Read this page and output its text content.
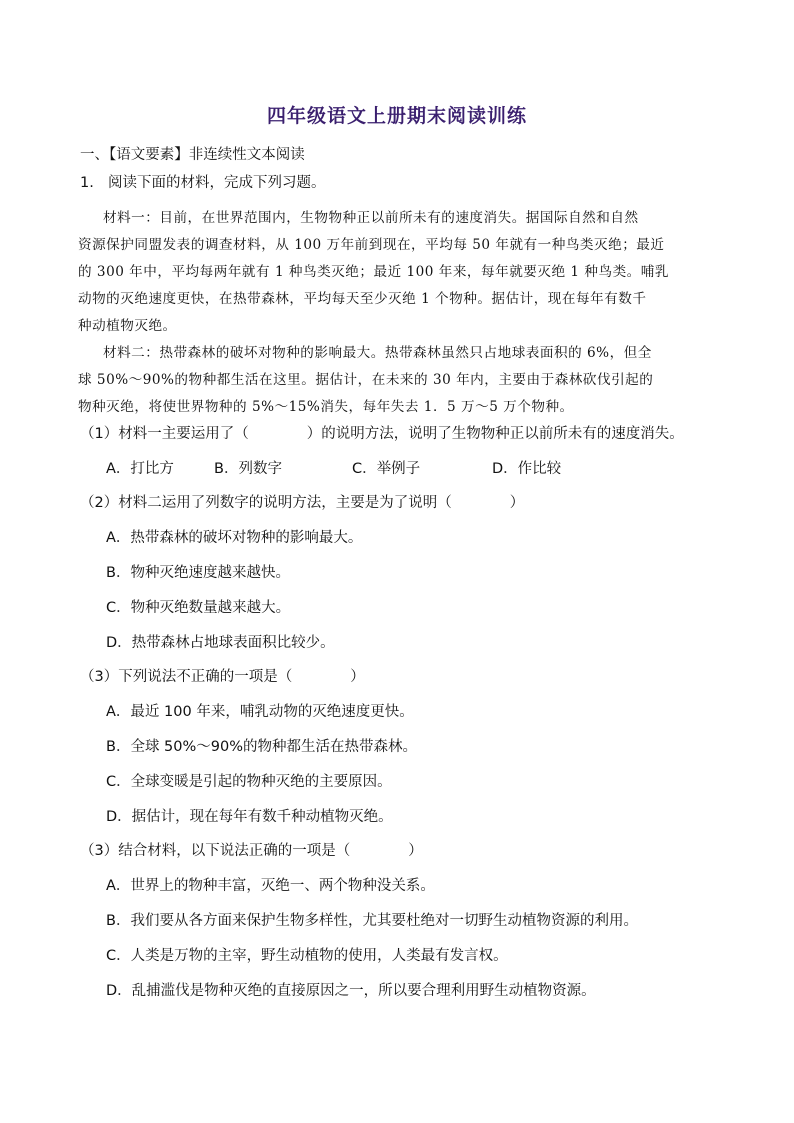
四年级语文上册期末阅读训练
一、【语文要素】非连续性文本阅读
1. 阅读下面的材料，完成下列习题。
材料一：目前，在世界范围内，生物物种正以前所未有的速度消失。据国际自然和自然
资源保护同盟发表的调查材料，从 100 万年前到现在，平均每 50 年就有一种鸟类灭绝；最近
的 300 年中，平均每两年就有 1 种鸟类灭绝；最近 100 年来，每年就要灭绝 1 种鸟类。哺乳
动物的灭绝速度更快，在热带森林，平均每天至少灭绝 1 个物种。据估计，现在每年有数千
种动植物灭绝。
材料二：热带森林的破坏对物种的影响最大。热带森林虽然只占地球表面积的 6%，但全
球 50%～90%的物种都生活在这里。据估计，在未来的 30 年内，主要由于森林砍伐引起的
物种灭绝，将使世界物种的 5%～15%消失，每年失去 1．5 万～5 万个物种。
（1）材料一主要运用了（	）的说明方法，说明了生物物种正以前所未有的速度消失。
A．打比方	B．列数字	C．举例子	D．作比较
（2）材料二运用了列数字的说明方法，主要是为了说明（	）
A．热带森林的破坏对物种的影响最大。
B．物种灭绝速度越来越快。
C．物种灭绝数量越来越大。
D．热带森林占地球表面积比较少。
（3）下列说法不正确的一项是（	）
A．最近 100 年来，哺乳动物的灭绝速度更快。
B．全球 50%～90%的物种都生活在热带森林。
C．全球变暖是引起的物种灭绝的主要原因。
D．据估计，现在每年有数千种动植物灭绝。
（3）结合材料，以下说法正确的一项是（	）
A．世界上的物种丰富，灭绝一、两个物种没关系。
B．我们要从各方面来保护生物多样性，尤其要杜绝对一切野生动植物资源的利用。
C．人类是万物的主宰，野生动植物的使用，人类最有发言权。
D．乱捕滥伐是物种灭绝的直接原因之一，所以要合理利用野生动植物资源。
